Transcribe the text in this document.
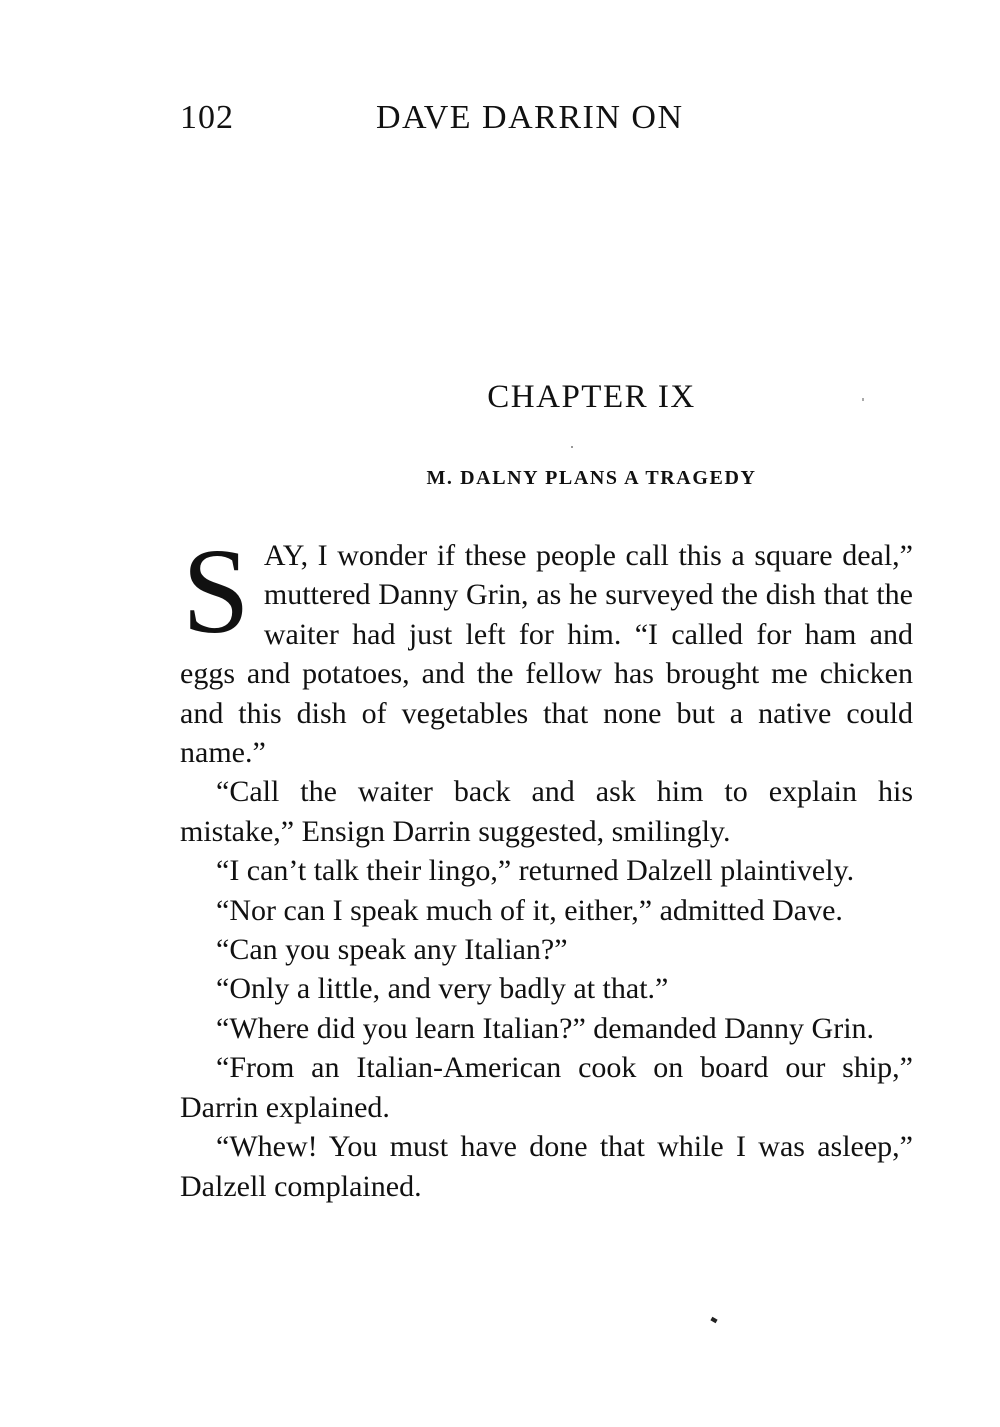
102	DAVE DARRIN ON
CHAPTER IX
M. DALNY PLANS A TRAGEDY
S AY, I wonder if these people call this a square deal,” muttered Danny Grin, as he surveyed the dish that the waiter had just left for him. “I called for ham and eggs and potatoes, and the fellow has brought me chicken and this dish of vegetables that none but a native could name.”

“Call the waiter back and ask him to explain his mistake,” Ensign Darrin suggested, smilingly.

“I can’t talk their lingo,” returned Dalzell plaintively.

“Nor can I speak much of it, either,” admitted Dave.

“Can you speak any Italian?”

“Only a little, and very badly at that.”

“Where did you learn Italian?” demanded Danny Grin.

“From an Italian-American cook on board our ship,” Darrin explained.

“Whew! You must have done that while I was asleep,” Dalzell complained.
